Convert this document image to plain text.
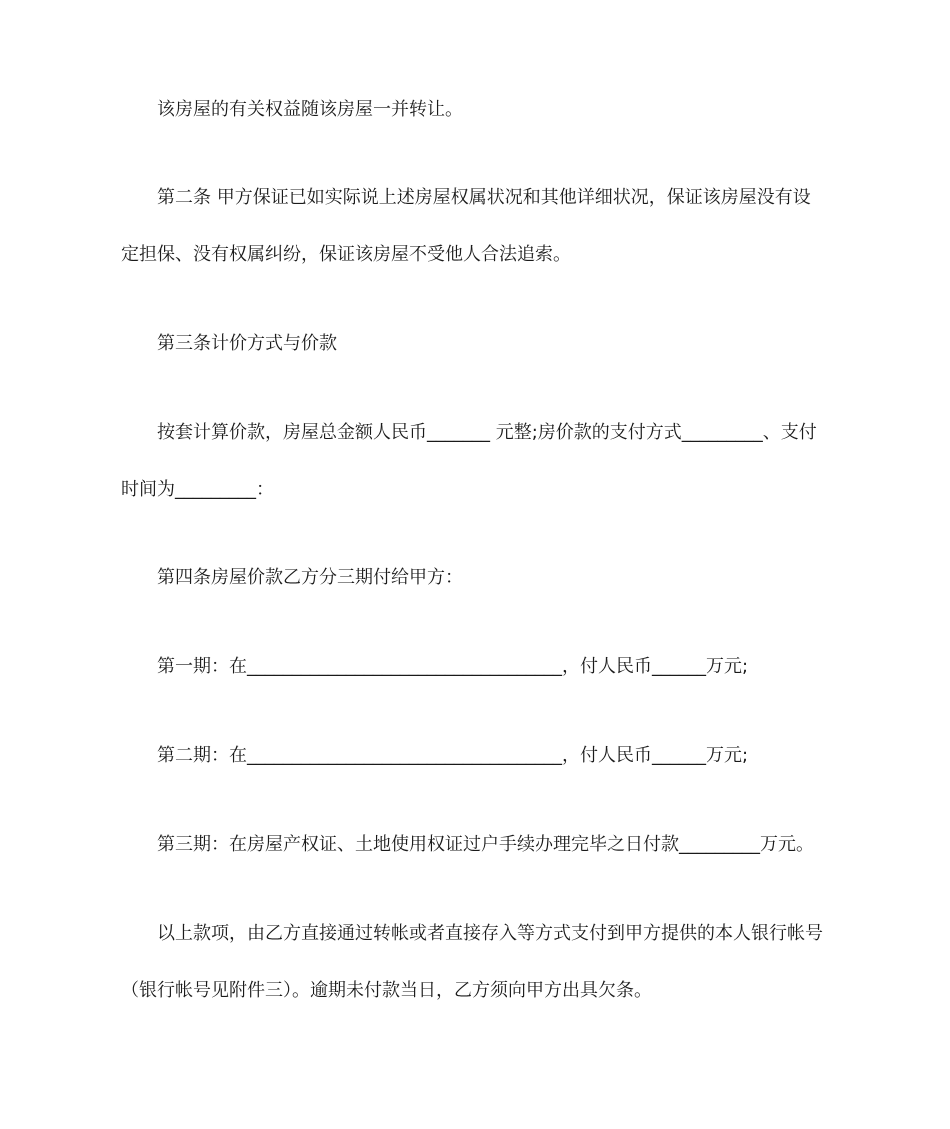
该房屋的有关权益随该房屋一并转让。
第二条 甲方保证已如实际说上述房屋权属状况和其他详细状况，保证该房屋没有设
定担保、没有权属纠纷，保证该房屋不受他人合法追索。
第三条计价方式与价款
按套计算价款，房屋总金额人民币_______ 元整;房价款的支付方式_________、支付
时间为_________：
第四条房屋价款乙方分三期付给甲方：
第一期：在___________________________________，付人民币______万元;
第二期：在___________________________________，付人民币______万元;
第三期：在房屋产权证、土地使用权证过户手续办理完毕之日付款_________万元。
以上款项，由乙方直接通过转帐或者直接存入等方式支付到甲方提供的本人银行帐号
（银行帐号见附件三）。逾期未付款当日，乙方须向甲方出具欠条。
